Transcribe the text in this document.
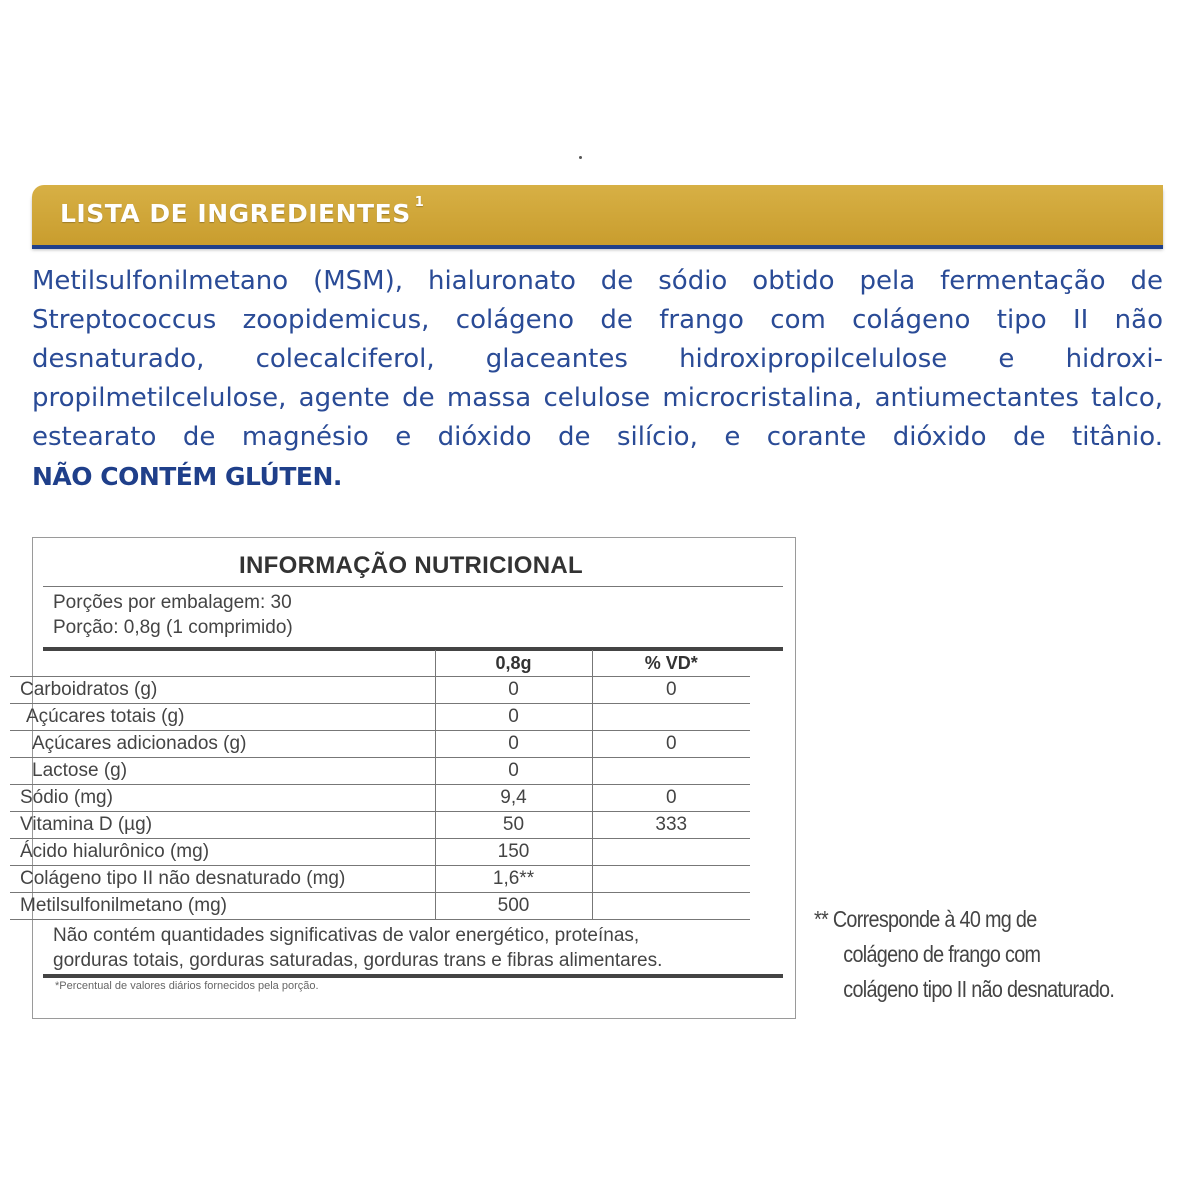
LISTA DE INGREDIENTES $^1$
Metilsulfonilmetano (MSM), hialuronato de sódio obtido pela fermentação de
Streptococcus zoopidemicus, colágeno de frango com colágeno tipo II não
desnaturado, colecalciferol, glaceantes hidroxipropilcelulose e hidroxi-
propilmetilcelulose, agente de massa celulose microcristalina, antiumectantes talco,
estearato de magnésio e dióxido de silício, e corante dióxido de titânio.
NÃO CONTÉM GLÚTEN.
INFORMAÇÃO NUTRICIONAL
Porções por embalagem: 30
Porção: 0,8g (1 comprimido)
Não contém quantidades significativas de valor energético, proteínas,
gorduras totais, gorduras saturadas, gorduras trans e fibras alimentares.
*Percentual de valores diários fornecidos pela porção.
	0,8g	% VD*
Carboidratos (g)	0	0
Açúcares totais (g)	0	
Açúcares adicionados (g)	0	0
Lactose (g)	0	
Sódio (mg)	9,4	0
Vitamina D (µg)	50	333
Ácido hialurônico (mg)	150	
Colágeno tipo II não desnaturado (mg)	1,6**	
Metilsulfonilmetano (mg)	500	
** Corresponde à 40 mg de
colágeno de frango com
colágeno tipo II não desnaturado.
